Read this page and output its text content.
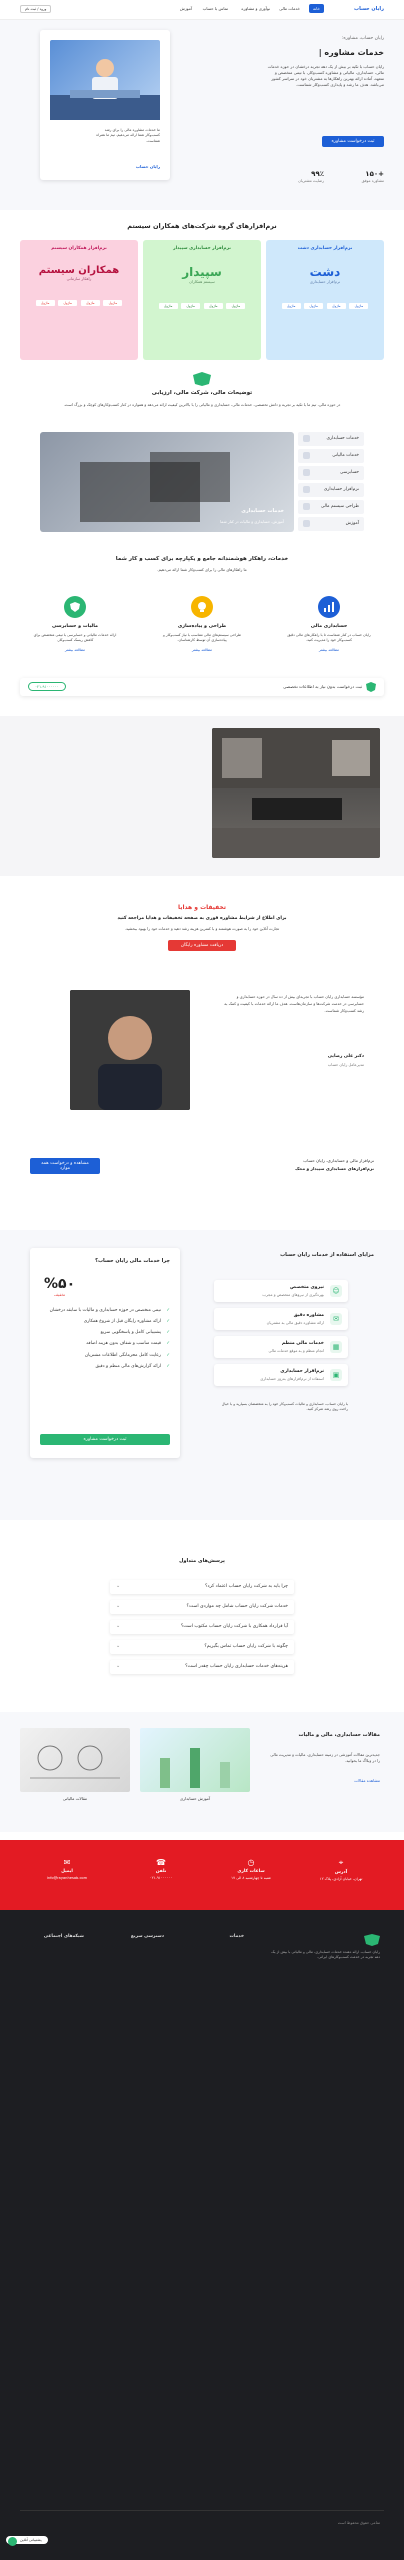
رایان حساب
خانه
خدمات مالی
نوآوری و مشاوره
تماس با حساب
آموزش
ورود / ثبت نام
رایان حساب، مشاوره:
خدمات مشاوره |
رایان حساب با تکیه بر بیش از یک دهه تجربه درخشان در حوزه خدمات مالی، حسابداری، مالیاتی و مشاوره کسب‌وکار، با تیمی متخصص و متعهد، آماده ارائه بهترین راهکارها به مشتریان خود در سراسر کشور می‌باشد. هدف ما رشد و پایداری کسب‌وکار شماست.
ثبت درخواست مشاوره
+۱۵۰
مشاوره موفق
۹۹٪
رضایت مشتریان
ما خدمات مشاوره مالی را برای رشد کسب‌وکار شما ارائه می‌دهیم. تیم ما همراه شماست.
رایان حساب
نرم‌افزارهای گروه شرکت‌های همکاران سیستم
نرم‌افزار حسابداری دشت
دشت
نرم‌افزار حسابداری
ماژول ماژول ماژول ماژول
نرم‌افزار حسابداری سپیدار
سپیدار
سیستم همکاران
ماژول ماژول ماژول ماژول
نرم‌افزار همکاران سیستم
همکاران سیستم
راهکار سازمانی
ماژول ماژول ماژول ماژول
توضیحات مالی، شرکت مالی، ارزیابی
در حوزه مالی، تیم ما با تکیه بر تجربه و دانش تخصصی، خدمات مالی، حسابداری و مالیاتی را با بالاترین کیفیت ارائه می‌دهد و همواره در کنار کسب‌وکارهای کوچک و بزرگ است.
خدمات حسابداری
آموزش، حسابداری و مالیات در کنار شما
خدمات حسابداری
خدمات مالیاتی
حسابرسی
نرم‌افزار حسابداری
طراحی سیستم مالی
آموزش
خدمات، راهکار هوشمندانه جامع و یکپارچه برای کسب و کار شما
ما راهکارهای مالی را برای کسب‌وکار شما ارائه می‌دهیم.
حسابداری مالی
رایان حساب در کنار شماست تا با راهکارهای مالی دقیق کسب‌وکار خود را مدیریت کنید.
مطالعه بیشتر
طراحی و پیاده‌سازی
طراحی سیستم‌های مالی متناسب با نیاز کسب‌وکار و پیاده‌سازی آن توسط کارشناسان.
مطالعه بیشتر
مالیات و حسابرسی
ارائه خدمات مالیاتی و حسابرسی با تیمی متخصص برای کاهش ریسک کسب‌وکار.
مطالعه بیشتر
ثبت درخواست بدون نیاز به اطلاعات تخصصی
۰۲۱-۹۱۰۰۰۰۰۰
تخفیفات و هدایا
برای اطلاع از شرایط مشاوره فوری به صفحه تخفیفات و هدایا مراجعه کنید
تجارت آنلاین خود را به صورت هوشمند و با کمترین هزینه رشد دهید و خدمات خود را بهبود ببخشید.
دریافت مشاوره رایگان
مؤسسه حسابداری رایان حساب با تجربه‌ای بیش از ده سال در حوزه حسابداری و حسابرسی در خدمت شرکت‌ها و سازمان‌هاست. هدف ما ارائه خدمات با کیفیت و کمک به رشد کسب‌وکار شماست.
دکتر علی رضایی
مدیرعامل رایان حساب
نرم‌افزار مالی و حسابداری، رایان حساب
نرم‌افزارهای حسابداری سپیدار و محک
مشاهده و درخواست همه موارد
چرا خدمات مالی رایان حساب؟
%۵۰
تخفیف
✓ تیمی متخصص در حوزه حسابداری و مالیات با سابقه درخشان
✓ ارائه مشاوره رایگان قبل از شروع همکاری
✓ پشتیبانی کامل و پاسخگویی سریع
✓ قیمت مناسب و شفاف بدون هزینه اضافه
✓ رعایت کامل محرمانگی اطلاعات مشتریان
✓ ارائه گزارش‌های مالی منظم و دقیق
ثبت درخواست مشاوره
مزایای استفاده از خدمات رایان حساب
☺
نیروی متخصص
بهره‌گیری از نیروهای متخصص و مجرب
✉
مشاوره دقیق
ارائه مشاوره دقیق مالی به مشتریان
▦
خدمات مالی منظم
انجام منظم و به موقع خدمات مالی
▣
نرم‌افزار حسابداری
استفاده از نرم‌افزارهای به‌روز حسابداری
با رایان حساب، حسابداری و مالیات کسب‌وکار خود را به متخصصان بسپارید و با خیال راحت روی رشد تمرکز کنید.
پرسش‌های متداول
⌄	چرا باید به شرکت رایان حساب اعتماد کرد؟
⌄	خدمات شرکت رایان حساب شامل چه مواردی است؟
⌄	آیا قرارداد همکاری با شرکت رایان حساب مکتوب است؟
⌄	چگونه با شرکت رایان حساب تماس بگیریم؟
⌄	هزینه‌های خدمات حسابداری رایان حساب چقدر است؟
مقالات حسابداری، مالی و مالیات
جدیدترین مقالات آموزشی در زمینه حسابداری، مالیات و مدیریت مالی را در وبلاگ ما بخوانید.
مشاهده مقالات
آموزش حسابداری
مقالات مالیاتی
⌖
آدرس
تهران، خیابان آزادی، پلاک ۱۲
◷
ساعات کاری
شنبه تا چهارشنبه ۸ الی ۱۷
☎
تلفن
۰۲۱-۹۱۰۰۰۰۰۰
✉
ایمیل
info@rayanhesab.com
رایان حساب، ارائه دهنده خدمات حسابداری، مالی و مالیاتی با بیش از یک دهه تجربه در خدمت کسب‌وکارهای ایرانی.
خدمات
دسترسی سریع
شبکه‌های اجتماعی
تمامی حقوق محفوظ است
پشتیبانی آنلاین
